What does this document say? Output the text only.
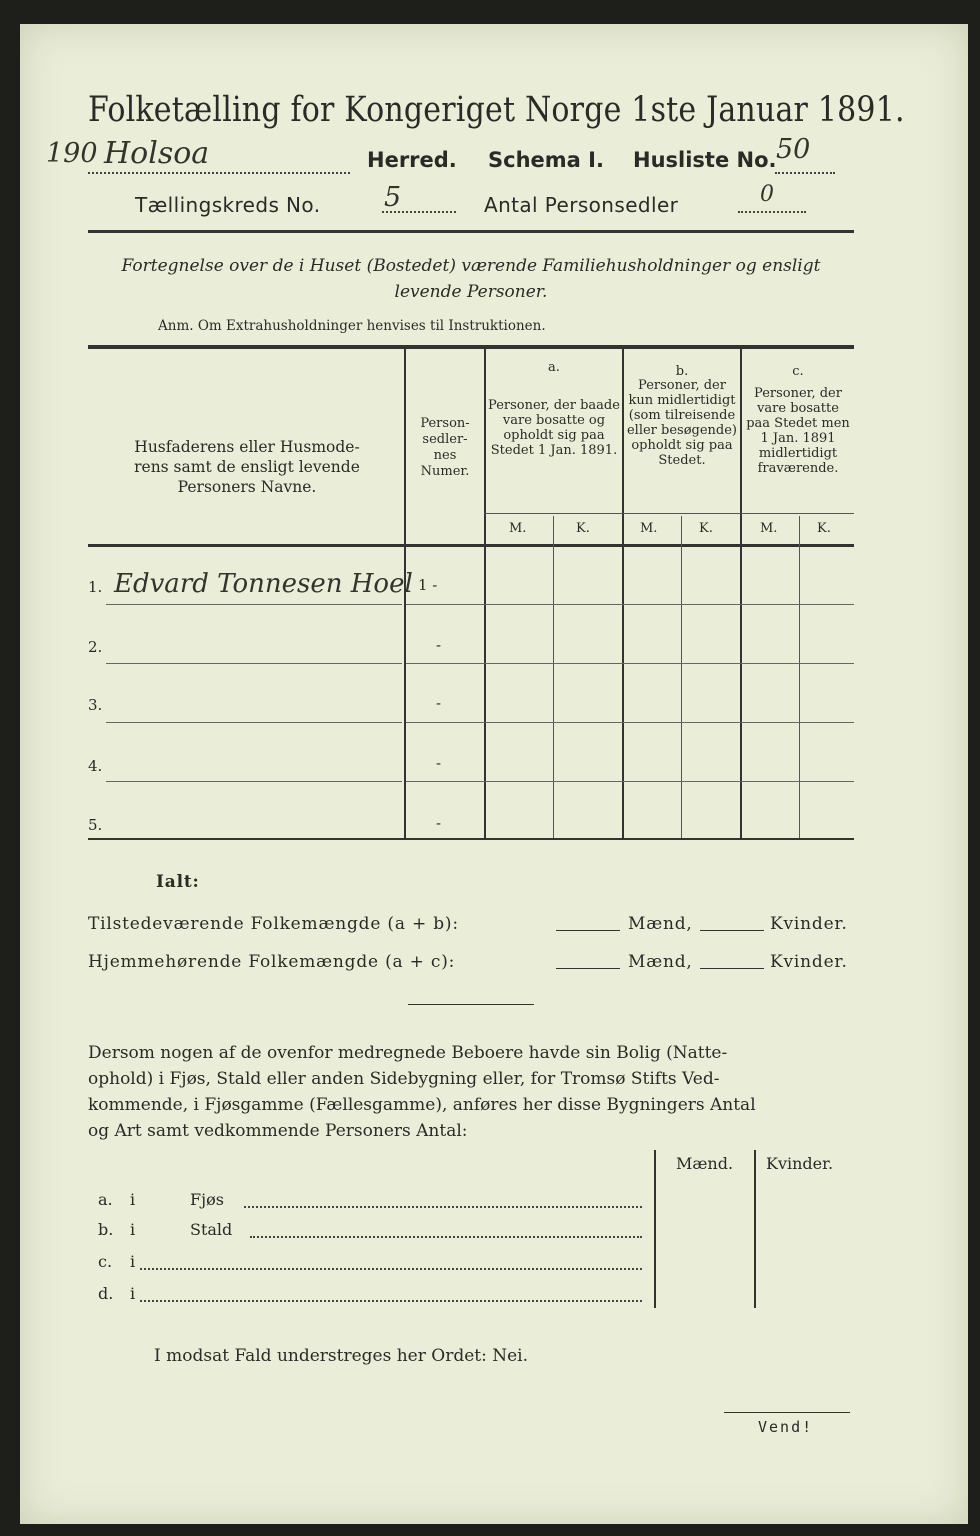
Folketælling for Kongeriget Norge 1ste Januar 1891.
190 Holsoa	Herred. Schema I. Husliste No. 50
Tællingskreds No. 5	Antal Personsedler	0
Fortegnelse over de i Huset (Bostedet) værende Familiehusholdninger og ensligt
levende Personer.
Anm. Om Extrahusholdninger henvises til Instruktionen.
Husfaderens eller Husmode-
rens samt de ensligt levende
Personers Navne.
Person-
sedler-
nes
Numer.
a.
Personer, der baade vare bosatte og opholdt sig paa Stedet 1 Jan. 1891.
b.
Personer, der kun midlertidigt (som tilreisende eller besøgende) opholdt sig paa Stedet.
c.
Personer, der vare bosatte paa Stedet men 1 Jan. 1891 midlertidigt fraværende.
M.	K.	M.	K.	M.	K.
1. Edvard Tonnesen Hoel 1 -
2.	-
3.	-
4.	-
5.	-
Ialt:
Tilstedeværende Folkemængde (a + b):	Mænd,	Kvinder.
Hjemmehørende Folkemængde (a + c):	Mænd,	Kvinder.
Dersom nogen af de ovenfor medregnede Beboere havde sin Bolig (Natte-
ophold) i Fjøs, Stald eller anden Sidebygning eller, for Tromsø Stifts Ved-
kommende, i Fjøsgamme (Fællesgamme), anføres her disse Bygningers Antal
og Art samt vedkommende Personers Antal:
Mænd. Kvinder.
a. i	Fjøs
b. i	Stald
c. i
d. i
I modsat Fald understreges her Ordet: Nei.
Vend!
